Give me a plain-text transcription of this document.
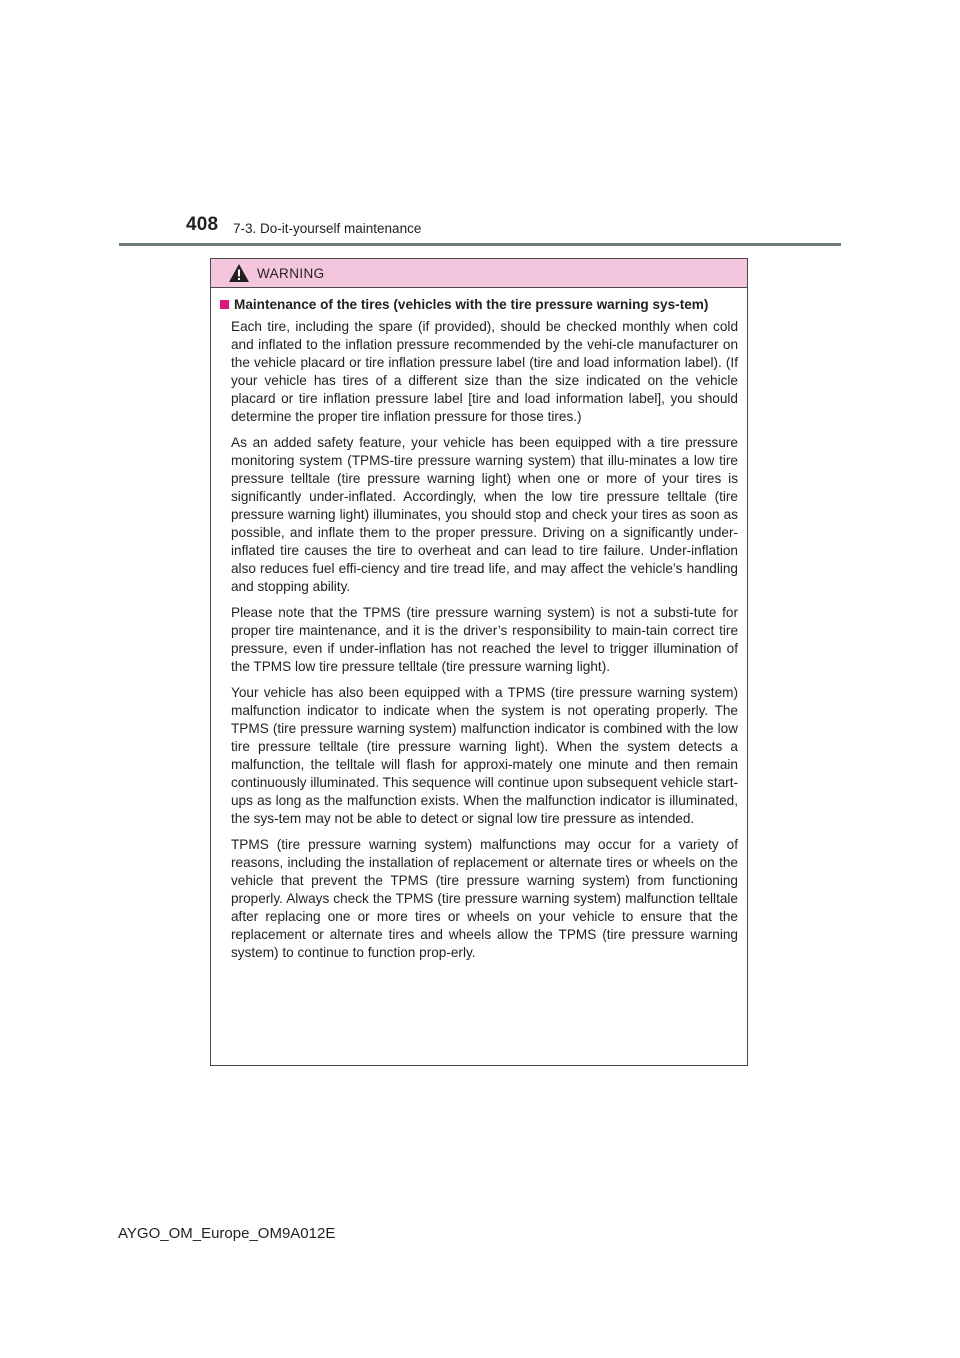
408 7-3. Do-it-yourself maintenance
WARNING
Maintenance of the tires (vehicles with the tire pressure warning sys-tem)

Each tire, including the spare (if provided), should be checked monthly when cold and inflated to the inflation pressure recommended by the vehi-cle manufacturer on the vehicle placard or tire inflation pressure label (tire and load information label). (If your vehicle has tires of a different size than the size indicated on the vehicle placard or tire inflation pressure label [tire and load information label], you should determine the proper tire inflation pressure for those tires.)

As an added safety feature, your vehicle has been equipped with a tire pressure monitoring system (TPMS-tire pressure warning system) that illu-minates a low tire pressure telltale (tire pressure warning light) when one or more of your tires is significantly under-inflated. Accordingly, when the low tire pressure telltale (tire pressure warning light) illuminates, you should stop and check your tires as soon as possible, and inflate them to the proper pressure. Driving on a significantly under-inflated tire causes the tire to overheat and can lead to tire failure. Under-inflation also reduces fuel effi-ciency and tire tread life, and may affect the vehicle’s handling and stopping ability.

Please note that the TPMS (tire pressure warning system) is not a substi-tute for proper tire maintenance, and it is the driver’s responsibility to main-tain correct tire pressure, even if under-inflation has not reached the level to trigger illumination of the TPMS low tire pressure telltale (tire pressure warning light).

Your vehicle has also been equipped with a TPMS (tire pressure warning system) malfunction indicator to indicate when the system is not operating properly. The TPMS (tire pressure warning system) malfunction indicator is combined with the low tire pressure telltale (tire pressure warning light). When the system detects a malfunction, the telltale will flash for approxi-mately one minute and then remain continuously illuminated. This sequence will continue upon subsequent vehicle start-ups as long as the malfunction exists. When the malfunction indicator is illuminated, the sys-tem may not be able to detect or signal low tire pressure as intended.

TPMS (tire pressure warning system) malfunctions may occur for a variety of reasons, including the installation of replacement or alternate tires or wheels on the vehicle that prevent the TPMS (tire pressure warning system) from functioning properly. Always check the TPMS (tire pressure warning system) malfunction telltale after replacing one or more tires or wheels on your vehicle to ensure that the replacement or alternate tires and wheels allow the TPMS (tire pressure warning system) to continue to function prop-erly.

AYGO_OM_Europe_OM9A012E
